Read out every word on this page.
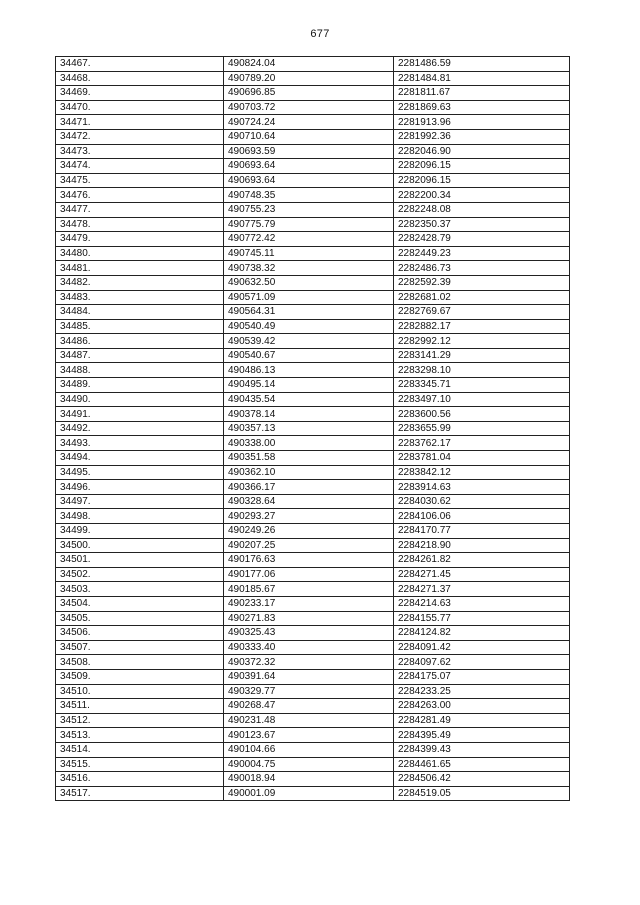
677
34467.	490824.04	2281486.59
34468.	490789.20	2281484.81
34469.	490696.85	2281811.67
34470.	490703.72	2281869.63
34471.	490724.24	2281913.96
34472.	490710.64	2281992.36
34473.	490693.59	2282046.90
34474.	490693.64	2282096.15
34475.	490693.64	2282096.15
34476.	490748.35	2282200.34
34477.	490755.23	2282248.08
34478.	490775.79	2282350.37
34479.	490772.42	2282428.79
34480.	490745.11	2282449.23
34481.	490738.32	2282486.73
34482.	490632.50	2282592.39
34483.	490571.09	2282681.02
34484.	490564.31	2282769.67
34485.	490540.49	2282882.17
34486.	490539.42	2282992.12
34487.	490540.67	2283141.29
34488.	490486.13	2283298.10
34489.	490495.14	2283345.71
34490.	490435.54	2283497.10
34491.	490378.14	2283600.56
34492.	490357.13	2283655.99
34493.	490338.00	2283762.17
34494.	490351.58	2283781.04
34495.	490362.10	2283842.12
34496.	490366.17	2283914.63
34497.	490328.64	2284030.62
34498.	490293.27	2284106.06
34499.	490249.26	2284170.77
34500.	490207.25	2284218.90
34501.	490176.63	2284261.82
34502.	490177.06	2284271.45
34503.	490185.67	2284271.37
34504.	490233.17	2284214.63
34505.	490271.83	2284155.77
34506.	490325.43	2284124.82
34507.	490333.40	2284091.42
34508.	490372.32	2284097.62
34509.	490391.64	2284175.07
34510.	490329.77	2284233.25
34511.	490268.47	2284263.00
34512.	490231.48	2284281.49
34513.	490123.67	2284395.49
34514.	490104.66	2284399.43
34515.	490004.75	2284461.65
34516.	490018.94	2284506.42
34517.	490001.09	2284519.05
